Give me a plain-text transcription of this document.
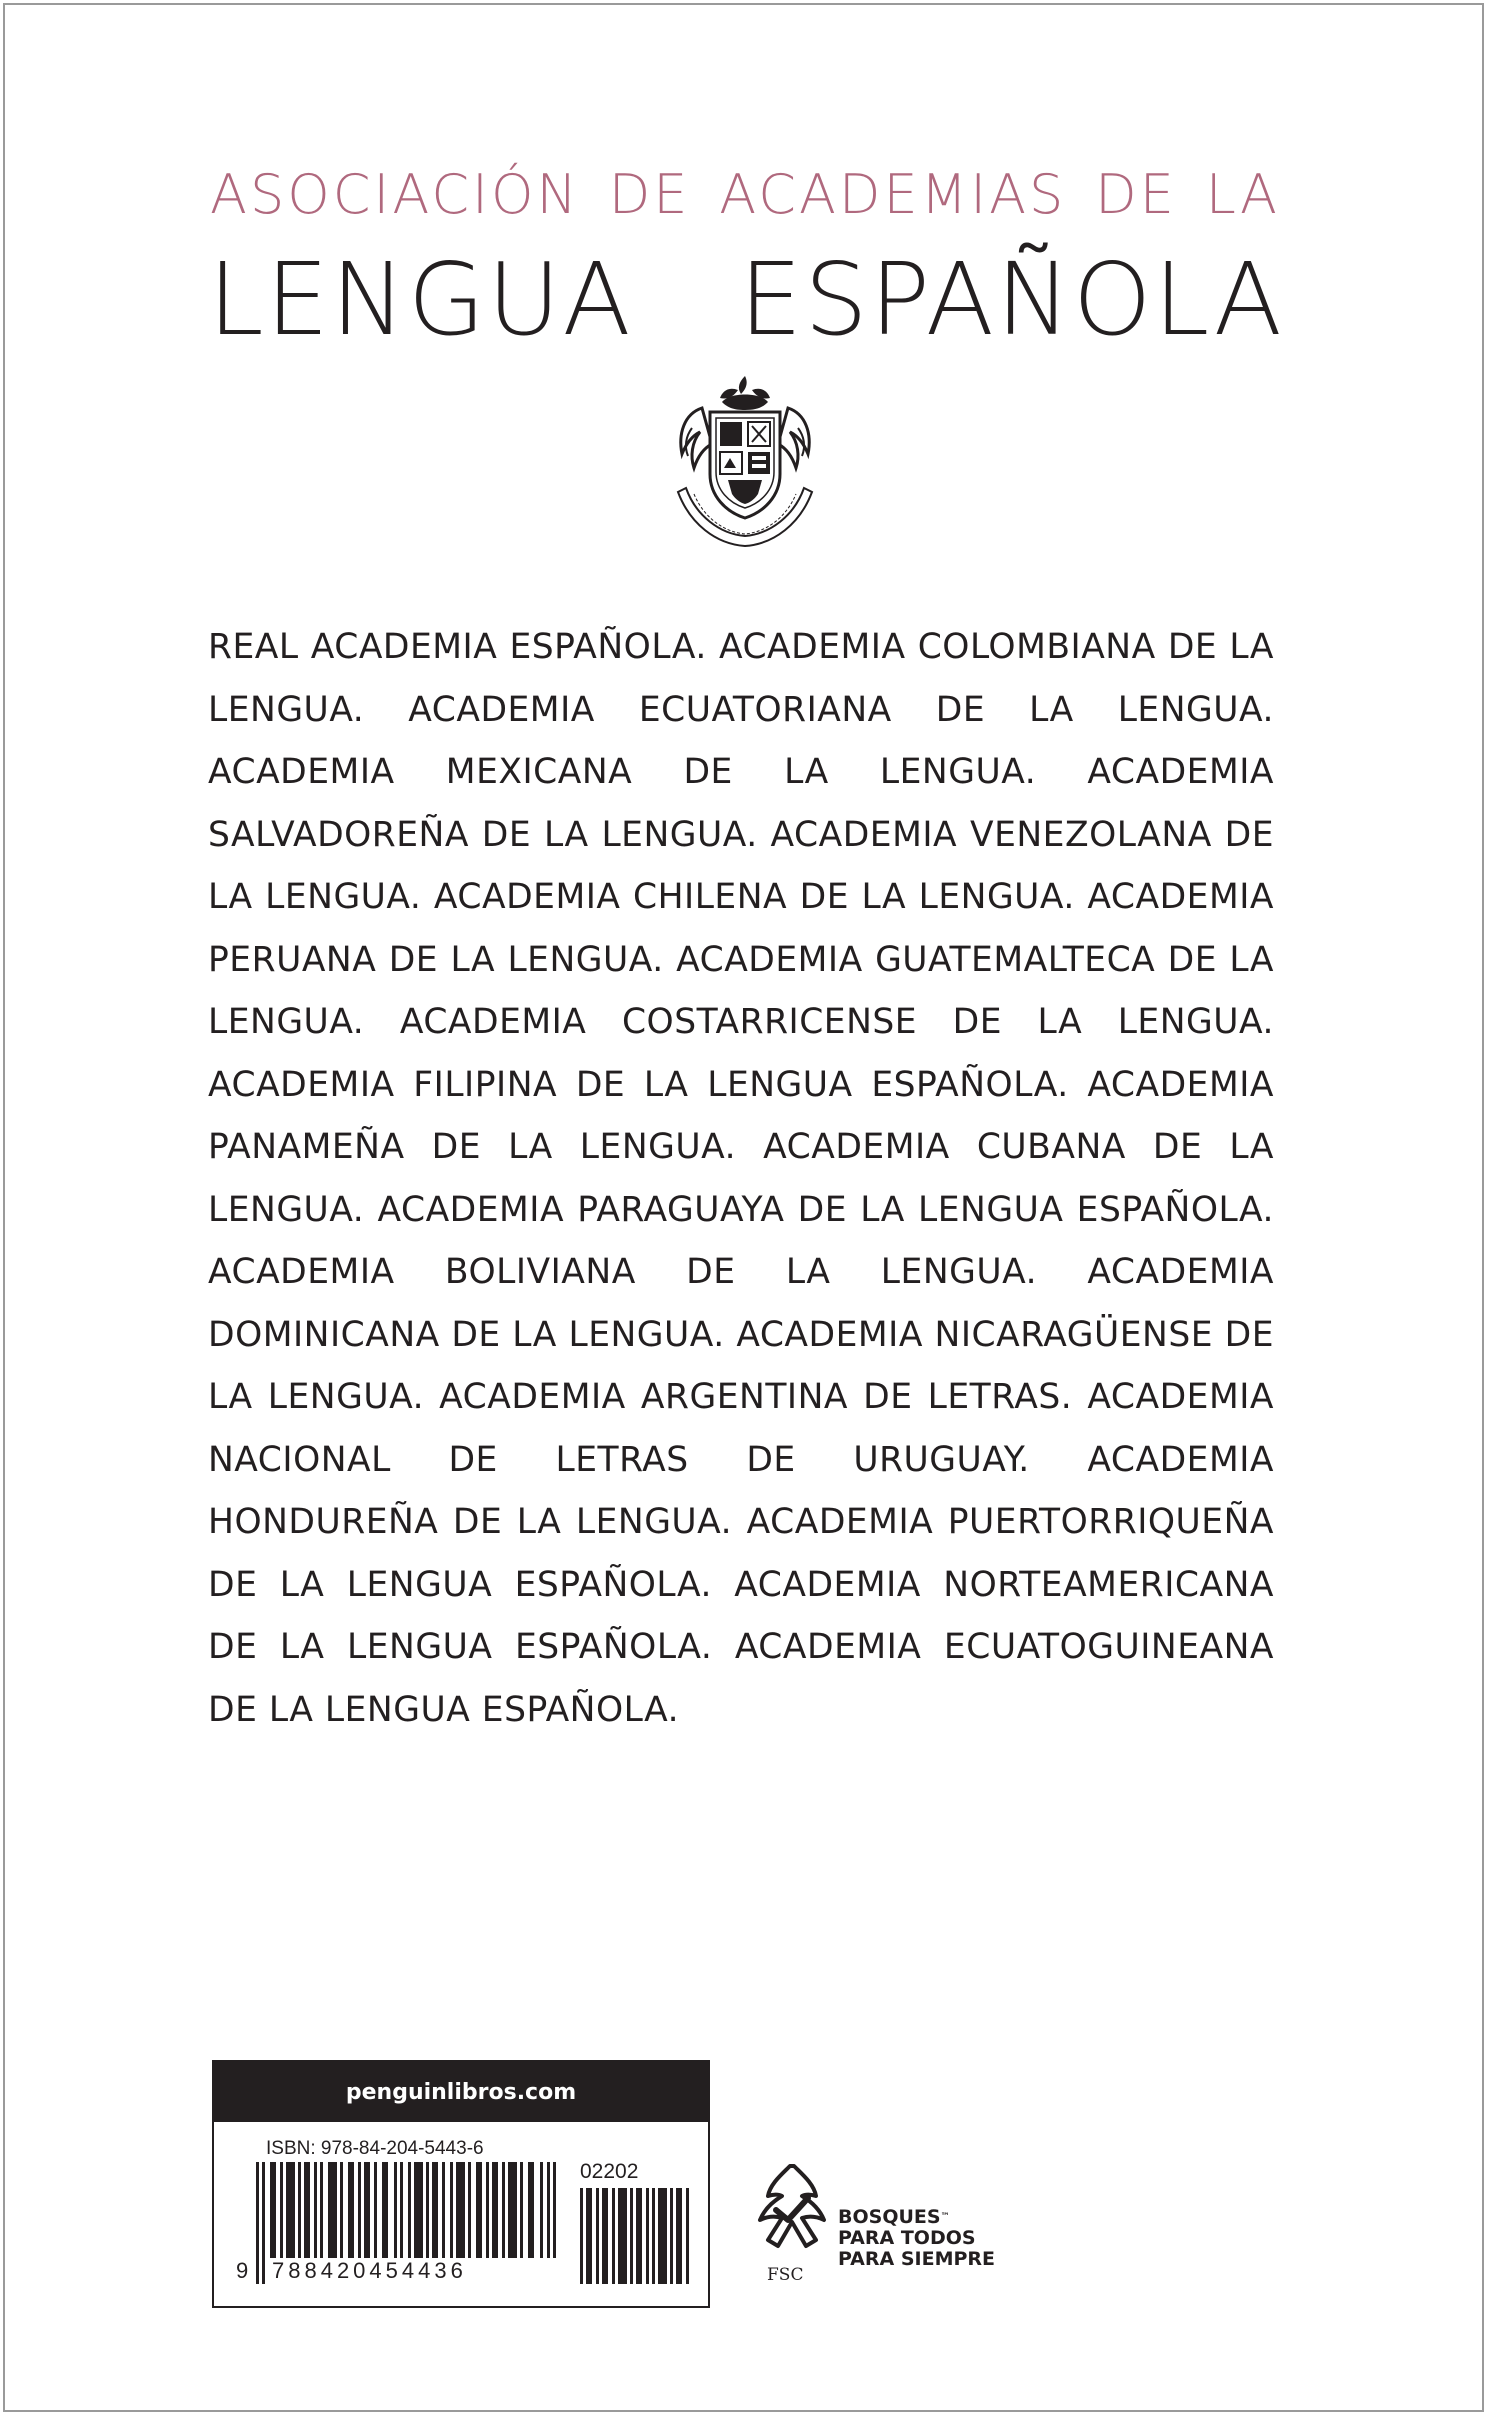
ASOCIACIÓN DE ACADEMIAS DE LA
LENGUA ESPAÑOLA

REAL ACADEMIA ESPAÑOLA. ACADEMIA COLOMBIANA DE LA LENGUA. ACADEMIA ECUATORIANA DE LA LENGUA. ACADEMIA MEXICANA DE LA LENGUA. ACADEMIA SALVADOREÑA DE LA LENGUA. ACADEMIA VENEZOLANA DE LA LENGUA. ACADEMIA CHILENA DE LA LENGUA. ACADEMIA PERUANA DE LA LENGUA. ACADEMIA GUATEMALTECA DE LA LENGUA. ACADEMIA COSTARRICENSE DE LA LENGUA. ACADEMIA FILIPINA DE LA LENGUA ESPAÑOLA. ACADEMIA PANAMEÑA DE LA LENGUA. ACADEMIA CUBANA DE LA LENGUA. ACADEMIA PARAGUAYA DE LA LENGUA ESPAÑOLA. ACADEMIA BOLIVIANA DE LA LENGUA. ACADEMIA DOMINICANA DE LA LENGUA. ACADEMIA NICARAGÜENSE DE LA LENGUA. ACADEMIA ARGENTINA DE LETRAS. ACADEMIA NACIONAL DE LETRAS DE URUGUAY. ACADEMIA HONDUREÑA DE LA LENGUA. ACADEMIA PUERTORRIQUEÑA DE LA LENGUA ESPAÑOLA. ACADEMIA NORTEAMERICANA DE LA LENGUA ESPAÑOLA. ACADEMIA ECUATOGUINEANA DE LA LENGUA ESPAÑOLA.

penguinlibros.com
ISBN: 978-84-204-5443-6
02202
9 788420454436	FSC
BOSQUES™
PARA TODOS
PARA SIEMPRE
